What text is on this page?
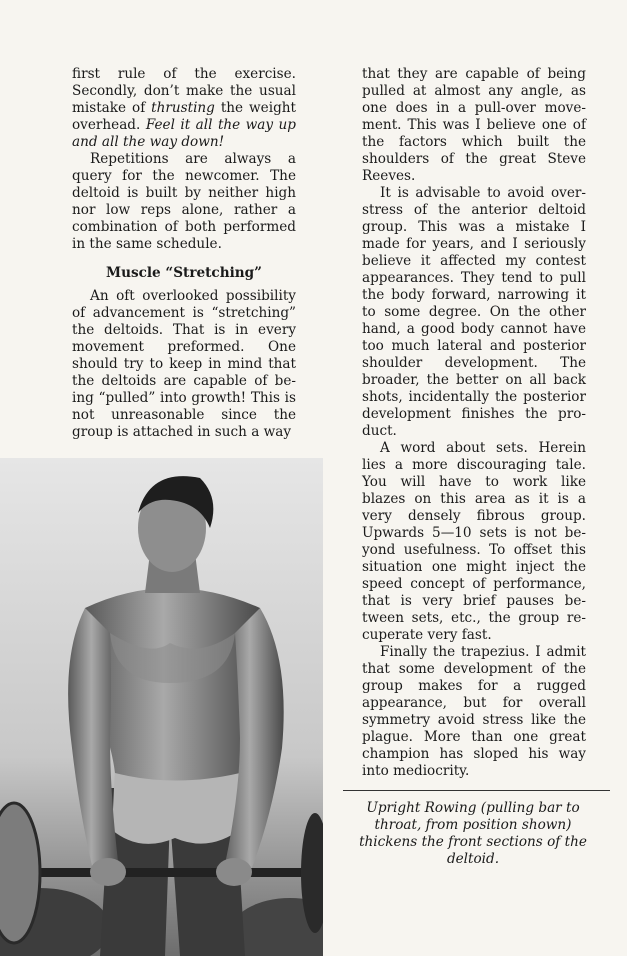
first rule of the exercise. Secondly, don’t make the usual mistake of thrusting the weight overhead. Feel it all the way up and all the way down!

Repetitions are always a query for the newcomer. The deltoid is built by neither high nor low reps alone, rather a combination of both performed in the same schedule.

Muscle “Stretching”

An oft overlooked possibility of advancement is “stretching” the deltoids. That is in every movement preformed. One should try to keep in mind that the deltoids are capable of being “pulled” into growth! This is not unreasonable since the group is attached in such a way

that they are capable of being pulled at almost any angle, as one does in a pull-over movement. This was I believe one of the factors which built the shoulders of the great Steve Reeves.

It is advisable to avoid overstress of the anterior deltoid group. This was a mistake I made for years, and I seriously believe it affected my contest appearances. They tend to pull the body forward, narrowing it to some degree. On the other hand, a good body cannot have too much lateral and posterior shoulder development. The broader, the better on all back shots, incidentally the posterior development finishes the product.

A word about sets. Herein lies a more discouraging tale. You will have to work like blazes on this area as it is a very densely fibrous group. Upwards 5—10 sets is not beyond usefulness. To offset this situation one might inject the speed concept of performance, that is very brief pauses between sets, etc., the group recuperate very fast.

Finally the trapezius. I admit that some development of the group makes for a rugged appearance, but for overall symmetry avoid stress like the plague. More than one great champion has sloped his way into mediocrity.

Upright Rowing (pulling bar to throat, from position shown) thickens the front sections of the deltoid.
